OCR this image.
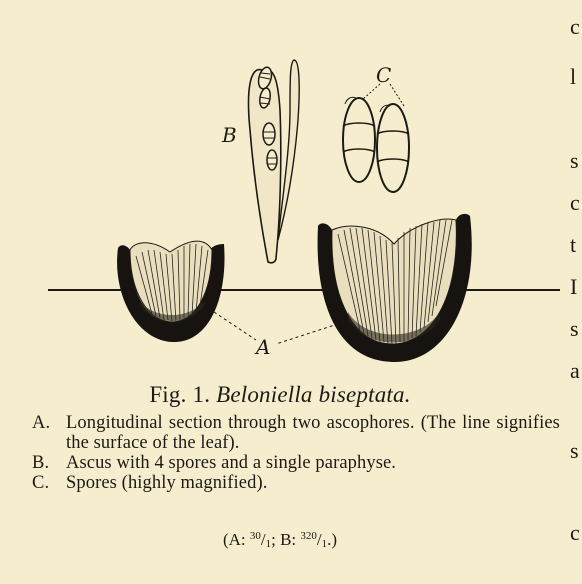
B
C
A
Fig. 1. Beloniella biseptata.

A. Longitudinal section through two ascophores. (The line signifies the surface of the leaf).

B. Ascus with 4 spores and a single paraphyse.

C. Spores (highly magnified).

(A: $^{30}/_1$; B: $^{320}/_1$.)
c
l
s
c
t
I
s
a
s
c
